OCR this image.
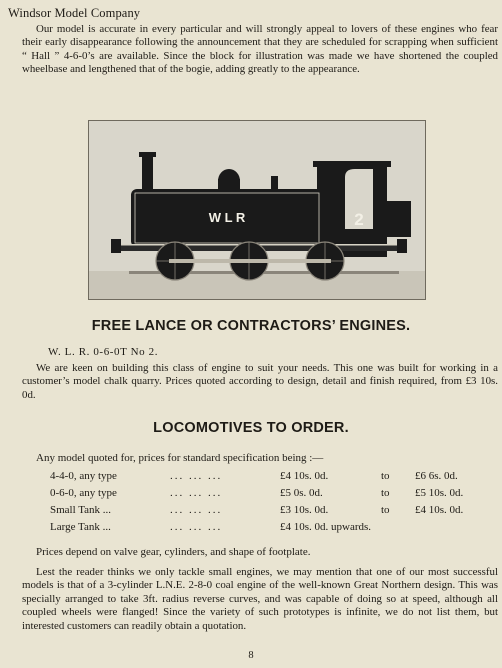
Windsor Model Company

Our model is accurate in every particular and will strongly appeal to lovers of these engines who fear their early disappearance following the announcement that they are scheduled for scrapping when sufficient “ Hall ” 4-6-0’s are available. Since the block for illustration was made we have shortened the coupled wheelbase and lengthened that of the bogie, adding greatly to the appearance.

W L R	2
FREE LANCE OR CONTRACTORS’ ENGINES.
W. L. R. 0-6-0T No 2.

We are keen on building this class of engine to suit your needs. This one was built for working in a customer’s model chalk quarry. Prices quoted according to design, detail and finish required, from £3 10s. 0d.

LOCOMOTIVES TO ORDER.
Any model quoted for, prices for standard specification being :—
4-4-0, any type	... ... ...	£4 10s. 0d.	to £6 6s. 0d.
0-6-0, any type	... ... ...	£5 0s. 0d.	to £5 10s. 0d.
Small Tank ...	... ... ...	£3 10s. 0d.	to £4 10s. 0d.
Large Tank ...	... ... ...	£4 10s. 0d. upwards.
Prices depend on valve gear, cylinders, and shape of footplate.

Lest the reader thinks we only tackle small engines, we may mention that one of our most successful models is that of a 3-cylinder L.N.E. 2-8-0 coal engine of the well-known Great Northern design. This was specially arranged to take 3ft. radius reverse curves, and was capable of doing so at speed, although all coupled wheels were flanged! Since the variety of such prototypes is infinite, we do not list them, but interested customers can readily obtain a quotation.

8
